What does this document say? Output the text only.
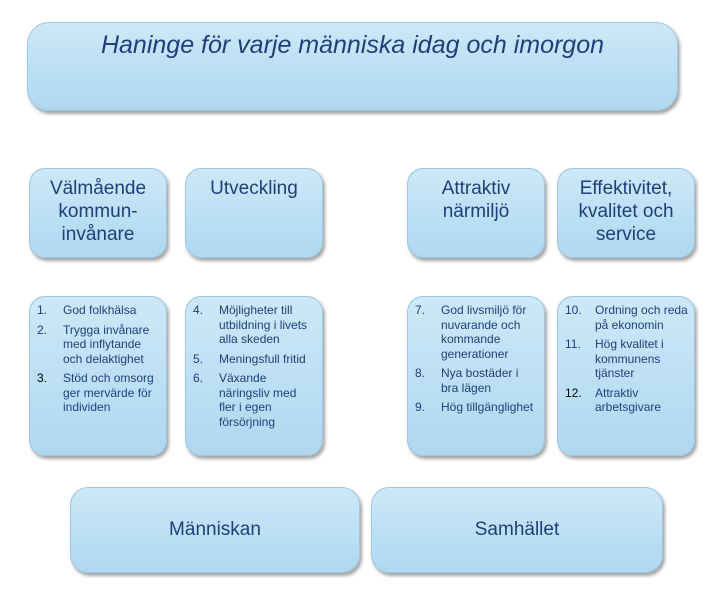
Haninge för varje människa idag och imorgon
Välmående kommun-invånare
Utveckling	Attraktiv närmiljö
Effektivitet, kvalitet och service
1.	God folkhälsa
2.	Trygga invånare med inflytande och delaktighet
3.	Stöd och omsorg ger mervärde för individen
4.	Möjligheter till utbildning i livets alla skeden
5.	Meningsfull fritid
6.	Växande näringsliv med fler i egen försörjning
7.	God livsmiljö för nuvarande och kommande generationer
8.	Nya bostäder i bra lägen
9.	Hög tillgänglighet
10.	Ordning och reda på ekonomin
11.	Hög kvalitet i kommunens tjänster
12.	Attraktiv arbetsgivare
Människan	Samhället
